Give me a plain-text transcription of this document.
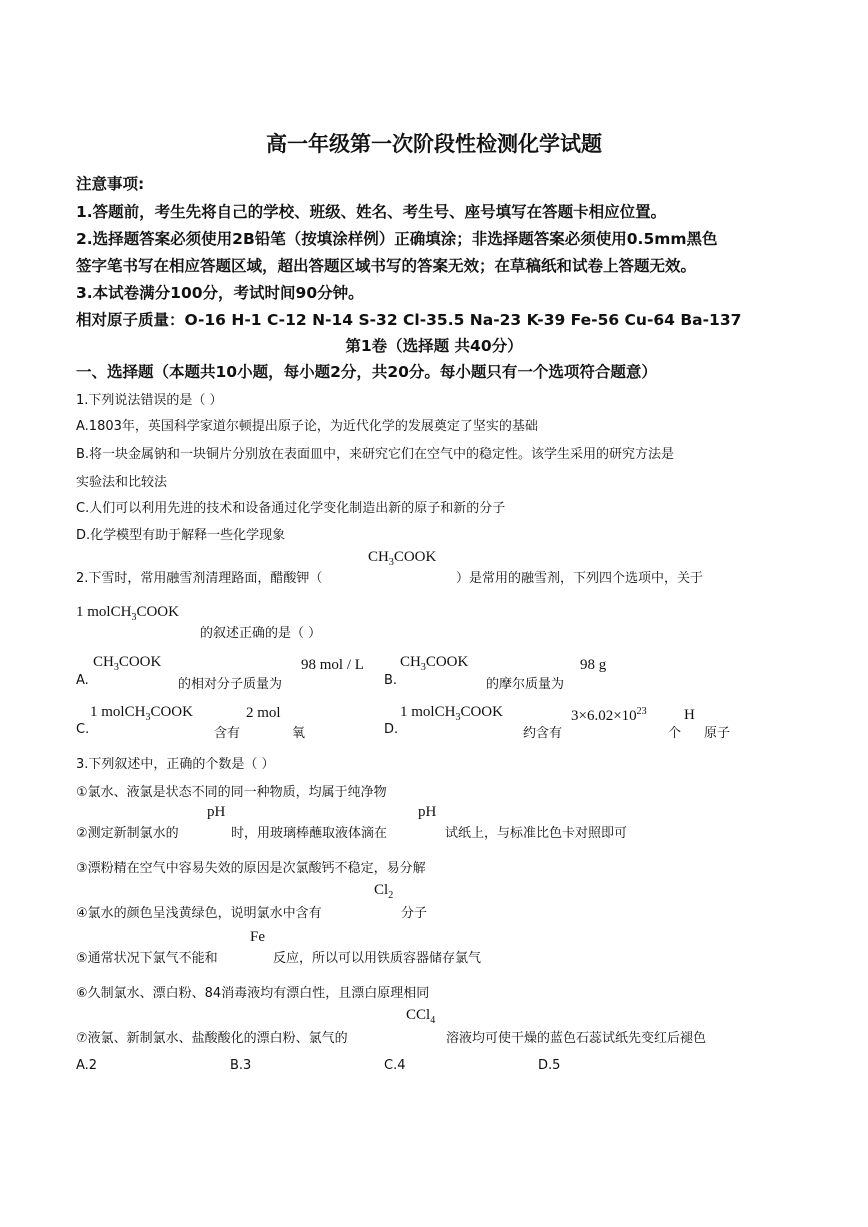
高一年级第一次阶段性检测化学试题
注意事项:
1.答题前，考生先将自己的学校、班级、姓名、考生号、座号填写在答题卡相应位置。
2.选择题答案必须使用2B铅笔（按填涂样例）正确填涂；非选择题答案必须使用0.5mm黑色
签字笔书写在相应答题区域，超出答题区域书写的答案无效；在草稿纸和试卷上答题无效。
3.本试卷满分100分，考试时间90分钟。
相对原子质量：O-16 H-1 C-12 N-14 S-32 Cl-35.5 Na-23 K-39 Fe-56 Cu-64 Ba-137
第1卷（选择题 共40分）
一、选择题（本题共10小题，每小题2分，共20分。每小题只有一个选项符合题意）
1.下列说法错误的是（ ）
A.1803年，英国科学家道尔顿提出原子论，为近代化学的发展奠定了坚实的基础
B.将一块金属钠和一块铜片分别放在表面皿中，来研究它们在空气中的稳定性。该学生采用的研究方法是
实验法和比较法
C.人们可以利用先进的技术和设备通过化学变化制造出新的原子和新的分子
D.化学模型有助于解释一些化学现象
$CH_3COOK$
2.下雪时，常用融雪剂清理路面，醋酸钾（	）是常用的融雪剂，下列四个选项中，关于
1 molCH$_3$COOK
的叙述正确的是（ ）
$CH_3COOK$
A.	的相对分子质量为
98 mol / L $CH_3COOK$
B.	的摩尔质量为
98 g
1 molCH$_3$COOK
C.	含有
2 mol
氧
1 molCH$_3$COOK
D.	约含有
$3\times 6.02\times 10^{23}$
个
H
原子
3.下列叙述中，正确的个数是（ ）
①氯水、液氯是状态不同的同一种物质，均属于纯净物
pH	pH
②测定新制氯水的	时，用玻璃棒蘸取液体滴在	试纸上，与标准比色卡对照即可
③漂粉精在空气中容易失效的原因是次氯酸钙不稳定，易分解
$Cl_2$
④氯水的颜色呈浅黄绿色，说明氯水中含有	分子
Fe
⑤通常状况下氯气不能和	反应，所以可以用铁质容器储存氯气
⑥久制氯水、漂白粉、84消毒液均有漂白性，且漂白原理相同
CCl$_4$
⑦液氯、新制氯水、盐酸酸化的漂白粉、氯气的	溶液均可使干燥的蓝色石蕊试纸先变红后褪色
A.2	B.3	C.4	D.5
